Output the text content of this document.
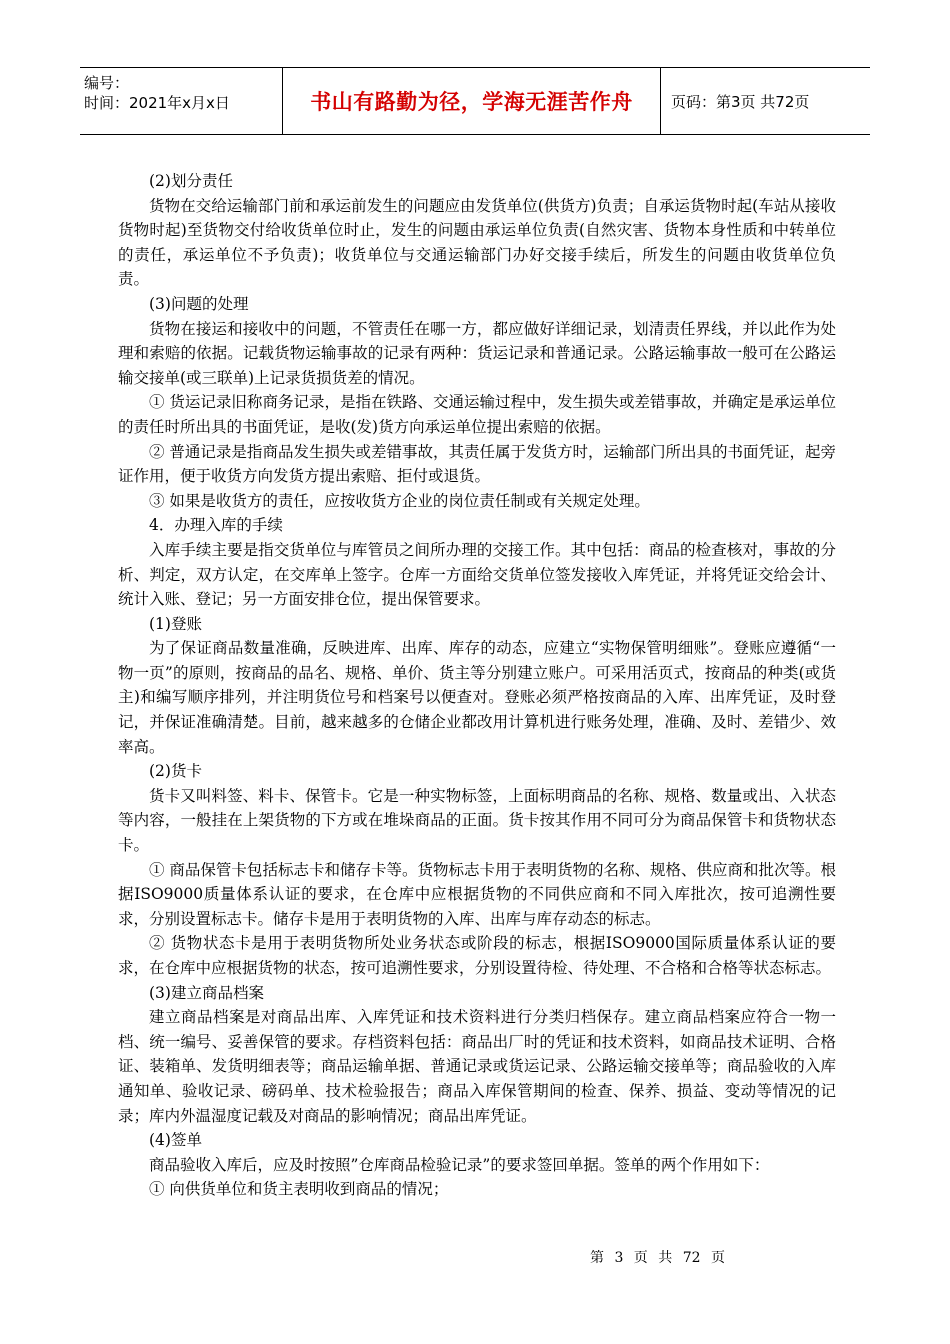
编号：
时间：2021年x月x日	书山有路勤为径，学海无涯苦作舟	页码：第3页 共72页

(2)划分责任

货物在交给运输部门前和承运前发生的问题应由发货单位(供货方)负责；自承运货物时起(车站从接收货物时起)至货物交付给收货单位时止，发生的问题由承运单位负责(自然灾害、货物本身性质和中转单位的责任，承运单位不予负责)；收货单位与交通运输部门办好交接手续后，所发生的问题由收货单位负责。

(3)问题的处理

货物在接运和接收中的问题，不管责任在哪一方，都应做好详细记录，划清责任界线，并以此作为处理和索赔的依据。记载货物运输事故的记录有两种：货运记录和普通记录。公路运输事故一般可在公路运输交接单(或三联单)上记录货损货差的情况。

① 货运记录旧称商务记录，是指在铁路、交通运输过程中，发生损失或差错事故，并确定是承运单位的责任时所出具的书面凭证，是收(发)货方向承运单位提出索赔的依据。

② 普通记录是指商品发生损失或差错事故，其责任属于发货方时，运输部门所出具的书面凭证，起旁证作用，便于收货方向发货方提出索赔、拒付或退货。

③ 如果是收货方的责任，应按收货方企业的岗位责任制或有关规定处理。

4．办理入库的手续

入库手续主要是指交货单位与库管员之间所办理的交接工作。其中包括：商品的检查核对，事故的分析、判定，双方认定，在交库单上签字。仓库一方面给交货单位签发接收入库凭证，并将凭证交给会计、统计入账、登记；另一方面安排仓位，提出保管要求。

(1)登账

为了保证商品数量准确，反映进库、出库、库存的动态，应建立“实物保管明细账”。登账应遵循“一物一页”的原则，按商品的品名、规格、单价、货主等分别建立账户。可采用活页式，按商品的种类(或货主)和编写顺序排列，并注明货位号和档案号以便查对。登账必须严格按商品的入库、出库凭证，及时登记，并保证准确清楚。目前，越来越多的仓储企业都改用计算机进行账务处理，准确、及时、差错少、效率高。

(2)货卡

货卡又叫料签、料卡、保管卡。它是一种实物标签，上面标明商品的名称、规格、数量或出、入状态等内容，一般挂在上架货物的下方或在堆垛商品的正面。货卡按其作用不同可分为商品保管卡和货物状态卡。

① 商品保管卡包括标志卡和储存卡等。货物标志卡用于表明货物的名称、规格、供应商和批次等。根据ISO9000质量体系认证的要求，在仓库中应根据货物的不同供应商和不同入库批次，按可追溯性要求，分别设置标志卡。储存卡是用于表明货物的入库、出库与库存动态的标志。

② 货物状态卡是用于表明货物所处业务状态或阶段的标志，根据ISO9000国际质量体系认证的要求，在仓库中应根据货物的状态，按可追溯性要求，分别设置待检、待处理、不合格和合格等状态标志。

(3)建立商品档案

建立商品档案是对商品出库、入库凭证和技术资料进行分类归档保存。建立商品档案应符合一物一档、统一编号、妥善保管的要求。存档资料包括：商品出厂时的凭证和技术资料，如商品技术证明、合格证、装箱单、发货明细表等；商品运输单据、普通记录或货运记录、公路运输交接单等；商品验收的入库通知单、验收记录、磅码单、技术检验报告；商品入库保管期间的检查、保养、损益、变动等情况的记录；库内外温湿度记载及对商品的影响情况；商品出库凭证。

(4)签单

商品验收入库后，应及时按照”仓库商品检验记录”的要求签回单据。签单的两个作用如下：

① 向供货单位和货主表明收到商品的情况；

第 3 页 共 72 页
